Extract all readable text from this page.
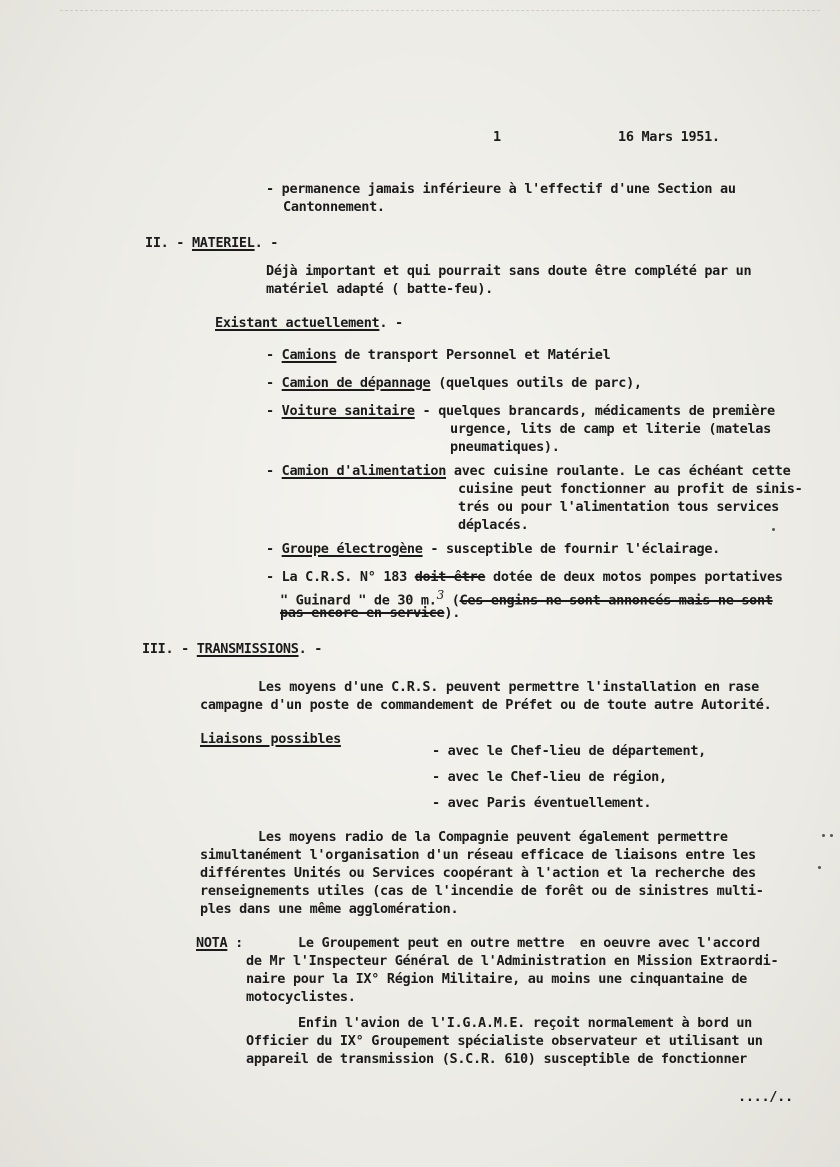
1	16 Mars 1951.
- permanence jamais inférieure à l'effectif d'une Section au
Cantonnement.
II. - MATERIEL. -
Déjà important et qui pourrait sans doute être complété par un
matériel adapté ( batte-feu).
Existant actuellement. -
- Camions de transport Personnel et Matériel
- Camion de dépannage (quelques outils de parc),
- Voiture sanitaire - quelques brancards, médicaments de première
urgence, lits de camp et literie (matelas
pneumatiques).
- Camion d'alimentation avec cuisine roulante. Le cas échéant cette
cuisine peut fonctionner au profit de sinis-
trés ou pour l'alimentation tous services
déplacés.
- Groupe électrogène - susceptible de fournir l'éclairage.
- La C.R.S. N° 183 doit être dotée de deux motos pompes portatives
" Guinard " de 30 m.$^3$ (Ces engins ne sont annoncés mais ne sont
pas encore en service).
III. - TRANSMISSIONS. -
Les moyens d'une C.R.S. peuvent permettre l'installation en rase
campagne d'un poste de commandement de Préfet ou de toute autre Autorité.
Liaisons possibles
- avec le Chef-lieu de département,
- avec le Chef-lieu de région,
- avec Paris éventuellement.
Les moyens radio de la Compagnie peuvent également permettre
simultanément l'organisation d'un réseau efficace de liaisons entre les
différentes Unités ou Services coopérant à l'action et la recherche des
renseignements utiles (cas de l'incendie de forêt ou de sinistres multi-
ples dans une même agglomération.
NOTA :	Le Groupement peut en outre mettre  en oeuvre avec l'accord
de Mr l'Inspecteur Général de l'Administration en Mission Extraordi-
naire pour la IX° Région Militaire, au moins une cinquantaine de
motocyclistes.
Enfin l'avion de l'I.G.A.M.E. reçoit normalement à bord un
Officier du IX° Groupement spécialiste observateur et utilisant un
appareil de transmission (S.C.R. 610) susceptible de fonctionner
..../..
